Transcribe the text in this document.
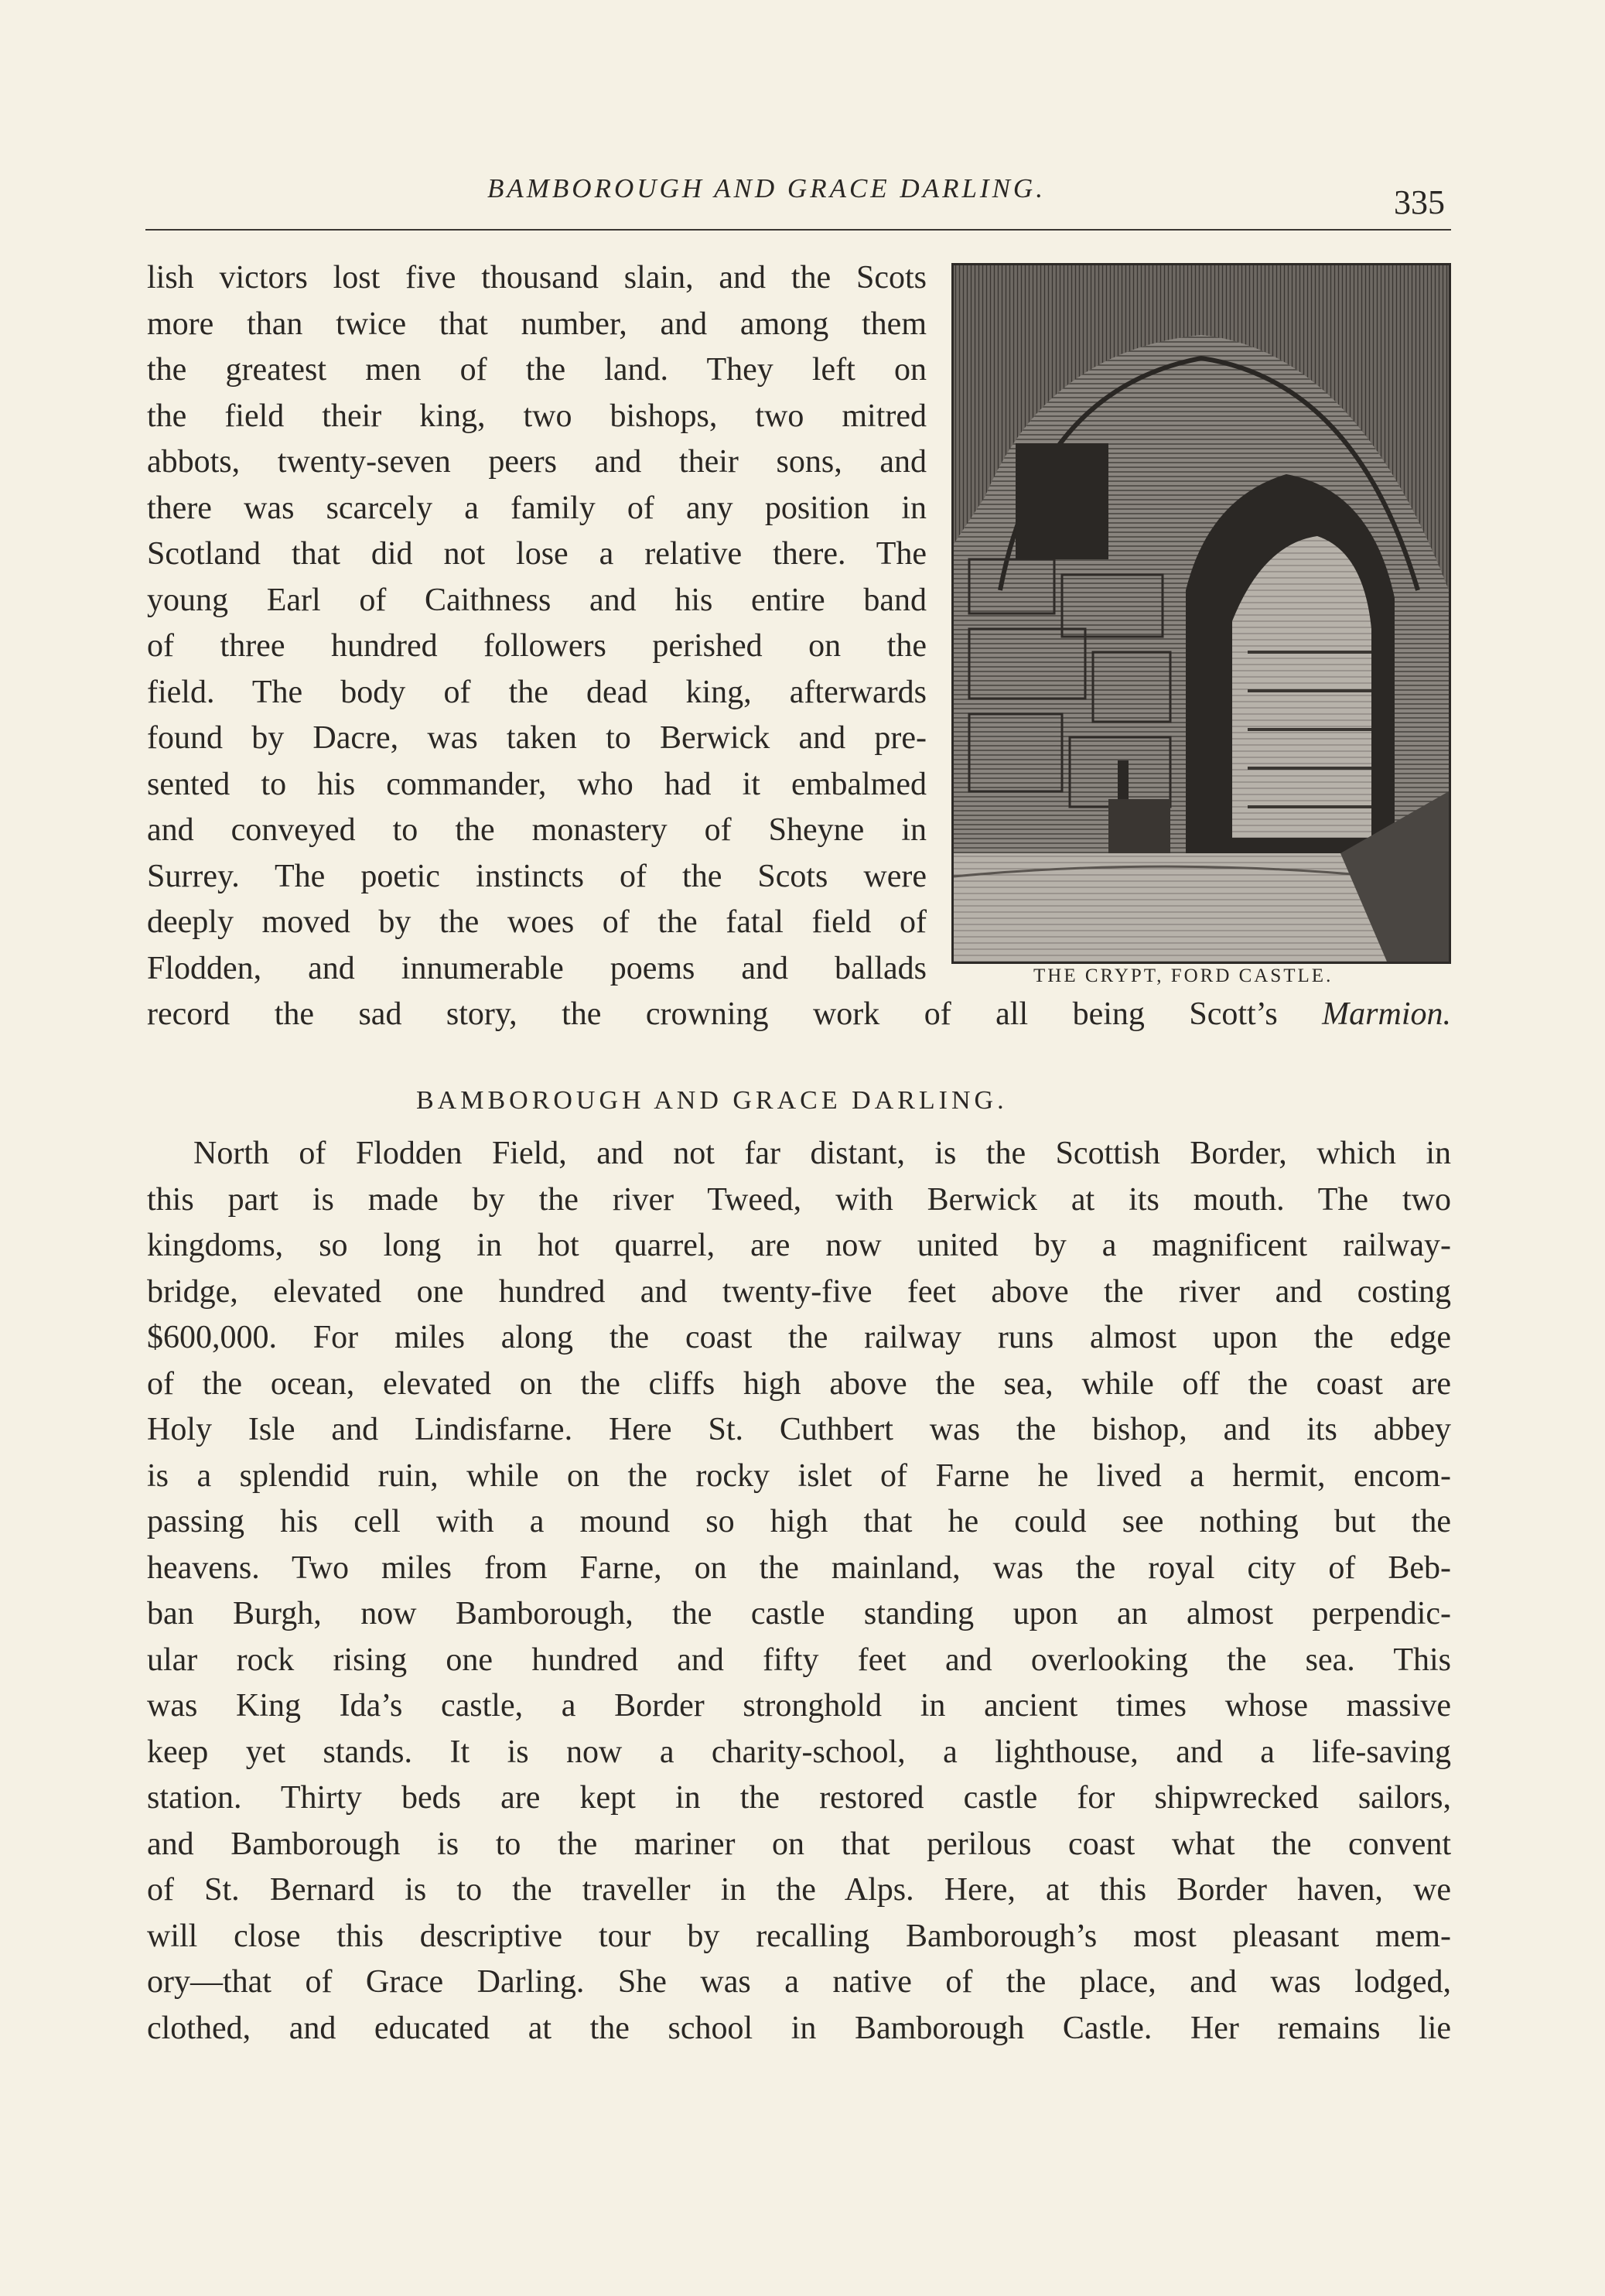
BAMBOROUGH AND GRACE DARLING.	335
lish victors lost five thousand slain, and the Scots
more than twice that number, and among them
the greatest men of the land. They left on
the field their king, two bishops, two mitred
abbots, twenty-seven peers and their sons, and
there was scarcely a family of any position in
Scotland that did not lose a relative there. The
young Earl of Caithness and his entire band
of three hundred followers perished on the
field. The body of the dead king, afterwards
found by Dacre, was taken to Berwick and pre-
sented to his commander, who had it embalmed
and conveyed to the monastery of Sheyne in
Surrey. The poetic instincts of the Scots were
deeply moved by the woes of the fatal field of
Flodden, and innumerable poems and ballads
record the sad story, the crowning work of all being Scott’s Marmion.
THE CRYPT, FORD CASTLE.
BAMBOROUGH AND GRACE DARLING.
North of Flodden Field, and not far distant, is the Scottish Border, which in
this part is made by the river Tweed, with Berwick at its mouth. The two
kingdoms, so long in hot quarrel, are now united by a magnificent railway-
bridge, elevated one hundred and twenty-five feet above the river and costing
$600,000. For miles along the coast the railway runs almost upon the edge
of the ocean, elevated on the cliffs high above the sea, while off the coast are
Holy Isle and Lindisfarne. Here St. Cuthbert was the bishop, and its abbey
is a splendid ruin, while on the rocky islet of Farne he lived a hermit, encom-
passing his cell with a mound so high that he could see nothing but the
heavens. Two miles from Farne, on the mainland, was the royal city of Beb-
ban Burgh, now Bamborough, the castle standing upon an almost perpendic-
ular rock rising one hundred and fifty feet and overlooking the sea. This
was King Ida’s castle, a Border stronghold in ancient times whose massive
keep yet stands. It is now a charity-school, a lighthouse, and a life-saving
station. Thirty beds are kept in the restored castle for shipwrecked sailors,
and Bamborough is to the mariner on that perilous coast what the convent
of St. Bernard is to the traveller in the Alps. Here, at this Border haven, we
will close this descriptive tour by recalling Bamborough’s most pleasant mem-
ory—that of Grace Darling. She was a native of the place, and was lodged,
clothed, and educated at the school in Bamborough Castle. Her remains lie
